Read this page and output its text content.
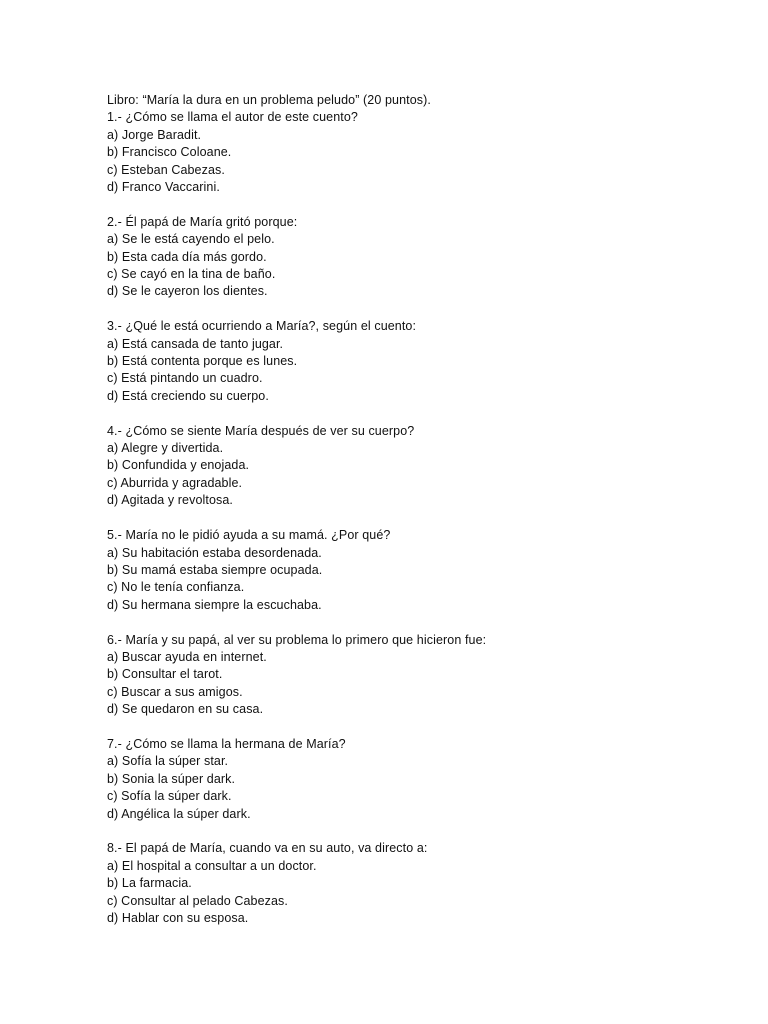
Libro: “María la dura en un problema peludo” (20 puntos).
1.- ¿Cómo se llama el autor de este cuento?
a) Jorge Baradit.
b) Francisco Coloane.
c) Esteban Cabezas.
d) Franco Vaccarini.
2.- Él papá de María gritó porque:
a) Se le está cayendo el pelo.
b) Esta cada día más gordo.
c) Se cayó en la tina de baño.
d) Se le cayeron los dientes.
3.- ¿Qué le está ocurriendo a María?, según el cuento:
a) Está cansada de tanto jugar.
b) Está contenta porque es lunes.
c) Está pintando un cuadro.
d) Está creciendo su cuerpo.
4.- ¿Cómo se siente María después de ver su cuerpo?
a) Alegre y divertida.
b) Confundida y enojada.
c) Aburrida y agradable.
d) Agitada y revoltosa.
5.- María no le pidió ayuda a su mamá. ¿Por qué?
a) Su habitación estaba desordenada.
b) Su mamá estaba siempre ocupada.
c) No le tenía confianza.
d) Su hermana siempre la escuchaba.
6.- María y su papá, al ver su problema lo primero que hicieron fue:
a) Buscar ayuda en internet.
b) Consultar el tarot.
c) Buscar a sus amigos.
d) Se quedaron en su casa.
7.- ¿Cómo se llama la hermana de María?
a) Sofía la súper star.
b) Sonia la súper dark.
c) Sofía la súper dark.
d) Angélica la súper dark.
8.- El papá de María, cuando va en su auto, va directo a:
a) El hospital a consultar a un doctor.
b) La farmacia.
c) Consultar al pelado Cabezas.
d) Hablar con su esposa.
